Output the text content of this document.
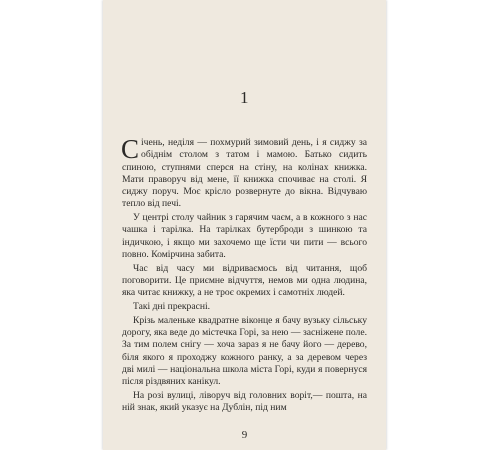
1

Січень, неділя — похмурий зимовий день, і я сиджу за обіднім столом з татом і мамою. Батько сидить спиною, ступнями сперся на стіну, на колінах книжка. Мати праворуч від мене, її книжка спочиває на столі. Я сиджу поруч. Моє крісло розвернуте до вікна. Відчуваю тепло від печі.

У центрі столу чайник з гарячим чаєм, а в кожного з нас чашка і тарілка. На тарілках бутерброди з шинкою та індичкою, і якщо ми захочемо ще їсти чи пити — всього повно. Комірчина забита.

Час від часу ми відриваємось від читання, щоб поговорити. Це приємне відчуття, немов ми одна людина, яка читає книжку, а не троє окремих і самотніх людей.

Такі дні прекрасні.

Крізь маленьке квадратне віконце я бачу вузьку сільську дорогу, яка веде до містечка Горі, за нею — засніжене поле. За тим полем снігу — хоча зараз я не бачу його — дерево, біля якого я проходжу кожного ранку, а за деревом через дві милі — національна школа міста Горі, куди я повернуся після різдвяних канікул.

На розі вулиці, ліворуч від головних воріт,— пошта, на ній знак, який указує на Дублін, під ним

9
